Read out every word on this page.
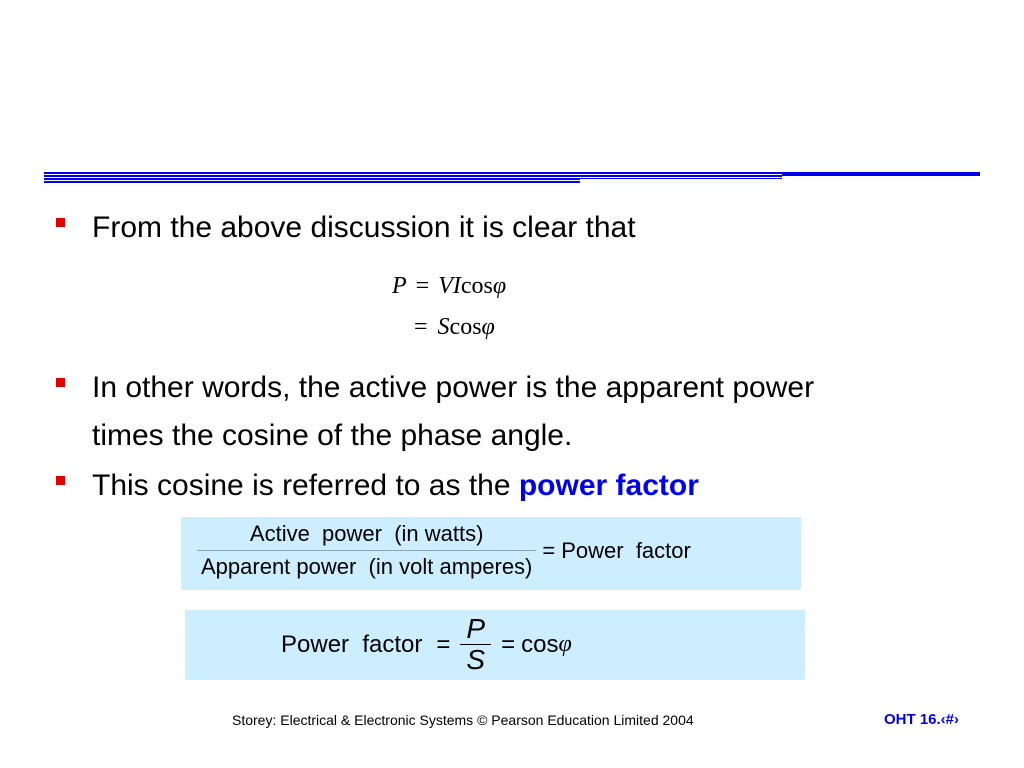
From the above discussion it is clear that
P = VIcosφ
= Scosφ
In other words, the active power is the apparent power times the cosine of the phase angle.
This cosine is referred to as the power factor
$\frac{\text{Active  power  (in watts)}}{\text{Apparent power  (in volt amperes)}}$ = Power  factor
Power  factor = $\frac{P}{S} = \cos \varphi$
Storey: Electrical & Electronic Systems © Pearson Education Limited 2004	OHT 16.‹#›
